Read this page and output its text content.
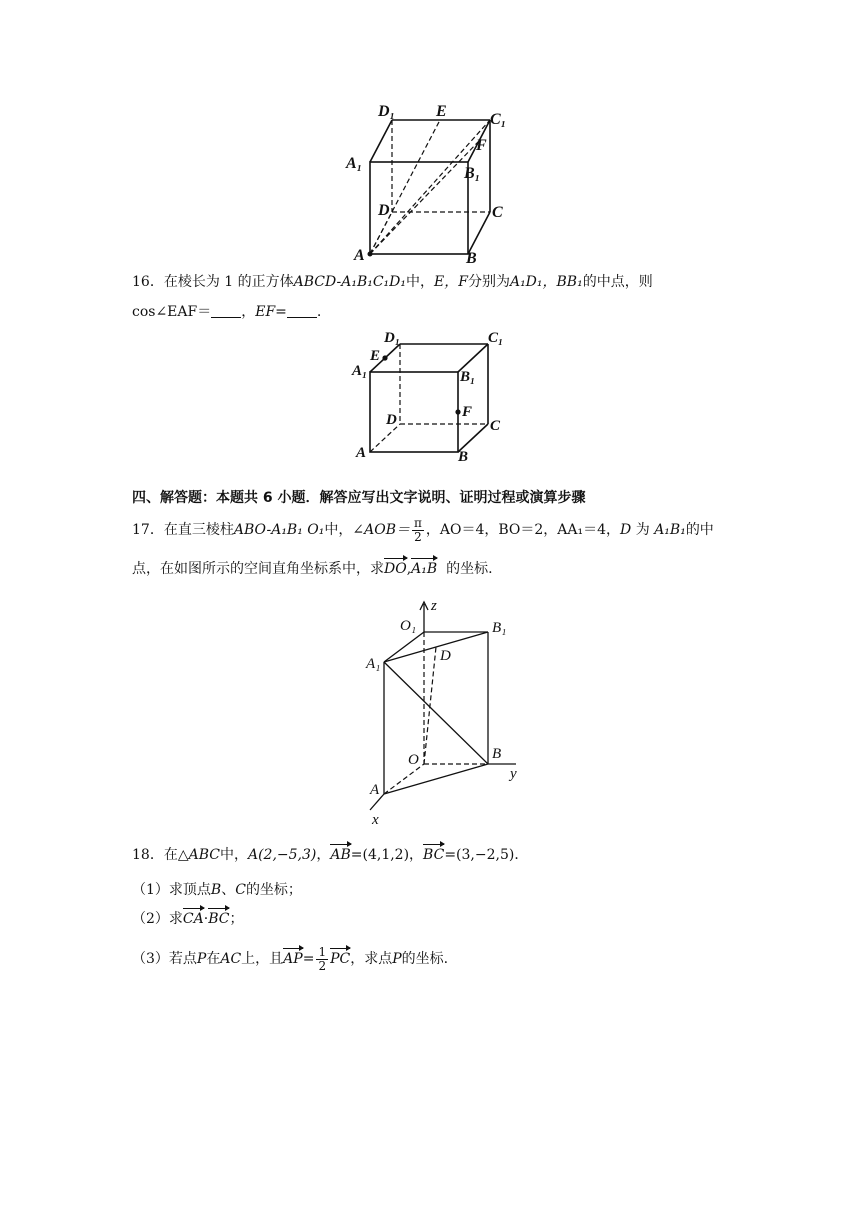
D₁	E	C₁
A₁
F
B₁
D	C
A	B
16．在棱长为 1 的正方体ABCD-A₁B₁C₁D₁中，E，F分别为A₁D₁，BB₁的中点，则
cos∠EAF＝ ，EF= .
D₁	C₁
E
A₁	B₁
F
D	C
A	B
四、解答题：本题共 6 小题．解答应写出文字说明、证明过程或演算步骤
17．在直三棱柱ABO-A₁B₁ O₁中，∠AOB＝ $\frac{\pi}{2}$ ，AO＝4，BO＝2，AA₁＝4，D 为 A₁B₁的中
点，在如图所示的空间直角坐标系中，求DO,A₁B 的坐标.
z
O₁	B₁
A₁	D
O	B
y
A
x
18．在△ABC中，A(2,−5,3)，AB=(4,1,2)，BC=(3,−2,5)．
（1）求顶点B、C的坐标；
（2）求CA·BC；
（3）若点P在AC上，且$AP= \frac{1}{2}$ PC，求点P的坐标.
